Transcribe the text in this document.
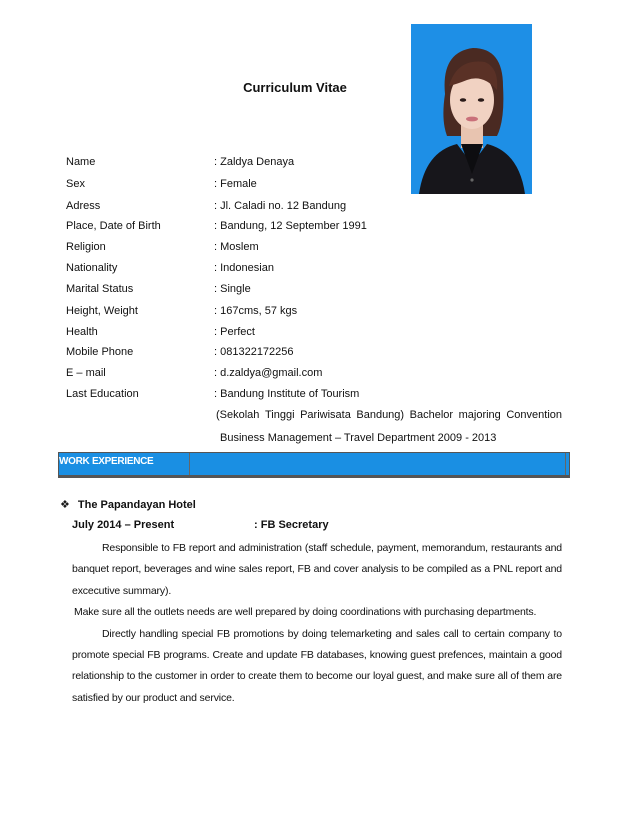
Curriculum Vitae
Name	: Zaldya Denaya
Sex	: Female
Adress	: Jl. Caladi no. 12 Bandung
Place, Date of Birth	: Bandung, 12 September 1991
Religion	: Moslem
Nationality	: Indonesian
Marital Status	: Single
Height, Weight	: 167cms, 57 kgs
Health	: Perfect
Mobile Phone	: 081322172256
E – mail	: d.zaldya@gmail.com
Last Education	: Bandung Institute of Tourism
(Sekolah Tinggi Pariwisata Bandung) Bachelor majoring Convention
Business Management – Travel Department 2009 - 2013
WORK EXPERIENCE
❖ The Papandayan Hotel
July 2014 – Present	: FB Secretary

Responsible to FB report and administration (staff schedule, payment, memorandum, restaurants and banquet report, beverages and wine sales report, FB and cover analysis to be compiled as a PNL report and excecutive summary).

Make sure all the outlets needs are well prepared by doing coordinations with purchasing departments.

Directly handling special FB promotions by doing telemarketing and sales call to certain company to promote special FB programs. Create and update FB databases, knowing guest prefences, maintain a good relationship to the customer in order to create them to become our loyal guest, and make sure all of them are satisfied by our product and service.
